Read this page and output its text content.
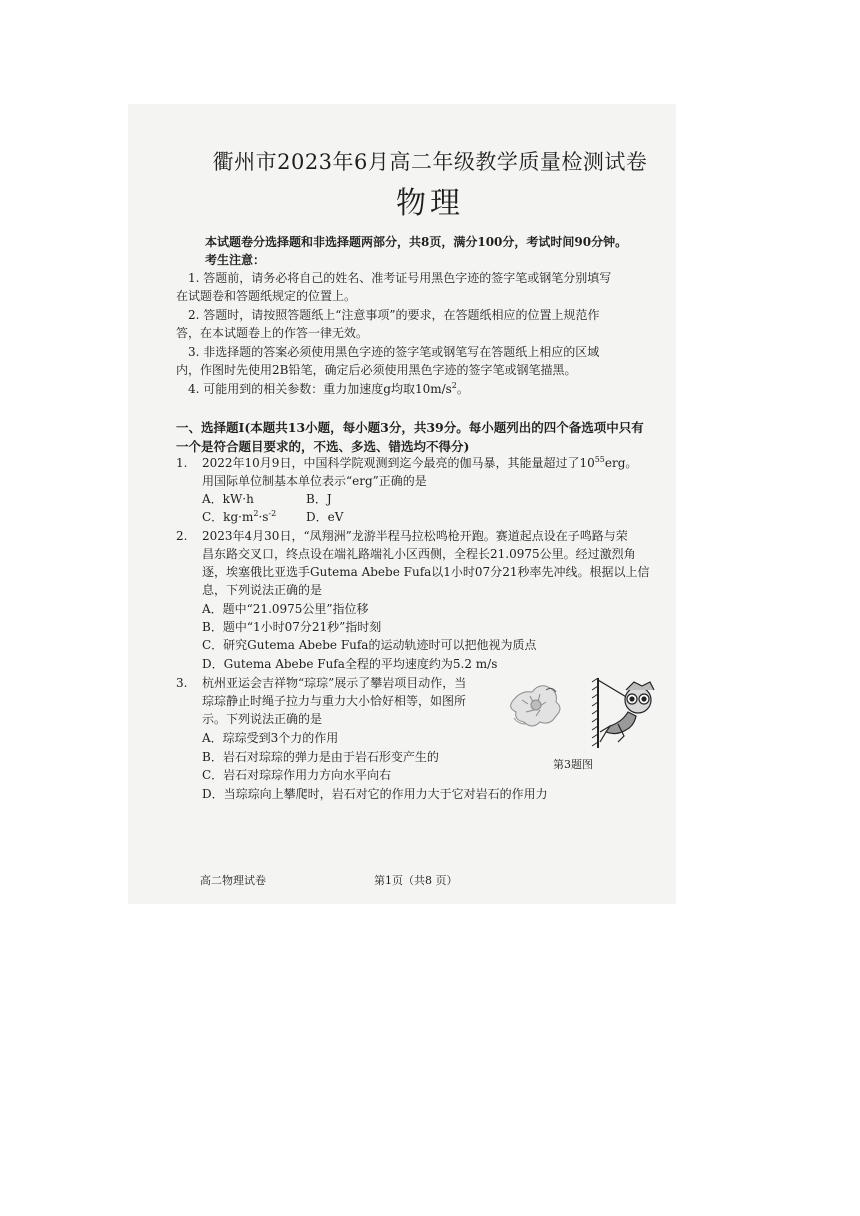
衢州市2023年6月高二年级教学质量检测试卷
物理
本试题卷分选择题和非选择题两部分，共8页，满分100分，考试时间90分钟。
考生注意：
1. 答题前，请务必将自己的姓名、准考证号用黑色字迹的签字笔或钢笔分别填写
在试题卷和答题纸规定的位置上。
2. 答题时，请按照答题纸上“注意事项”的要求，在答题纸相应的位置上规范作
答，在本试题卷上的作答一律无效。
3. 非选择题的答案必须使用黑色字迹的签字笔或钢笔写在答题纸上相应的区域
内，作图时先使用2B铅笔，确定后必须使用黑色字迹的签字笔或钢笔描黑。
4. 可能用到的相关参数：重力加速度g均取$10m/s^2$。
一、选择题I(本题共13小题，每小题3分，共39分。每小题列出的四个备选项中只有
一个是符合题目要求的，不选、多选、错选均不得分)
1. 2022年10月9日，中国科学院观测到迄今最亮的伽马暴，其能量超过了$10^{55}erg$。
用国际单位制基本单位表示“erg”正确的是
A．kW·h	B．J
C．$kg\cdot m^2\cdot s^{-2}$ D．eV
2. 2023年4月30日，“凤翔洲”龙游半程马拉松鸣枪开跑。赛道起点设在子鸣路与荣
昌东路交叉口，终点设在端礼路端礼小区西侧，全程长21.0975公里。经过激烈角
逐，埃塞俄比亚选手Gutema Abebe Fufa以1小时07分21秒率先冲线。根据以上信
息，下列说法正确的是
A．题中“21.0975公里”指位移
B．题中“1小时07分21秒”指时刻
C．研究Gutema Abebe Fufa的运动轨迹时可以把他视为质点
D．Gutema Abebe Fufa全程的平均速度约为5.2 m/s
3. 杭州亚运会吉祥物“琮琮”展示了攀岩项目动作，当
琮琮静止时绳子拉力与重力大小恰好相等，如图所
示。下列说法正确的是
A．琮琮受到3个力的作用
B．岩石对琮琮的弹力是由于岩石形变产生的
C．岩石对琮琮作用力方向水平向右
D．当琮琮向上攀爬时，岩石对它的作用力大于它对岩石的作用力
第3题图
高二物理试卷	第1页（共8 页）
